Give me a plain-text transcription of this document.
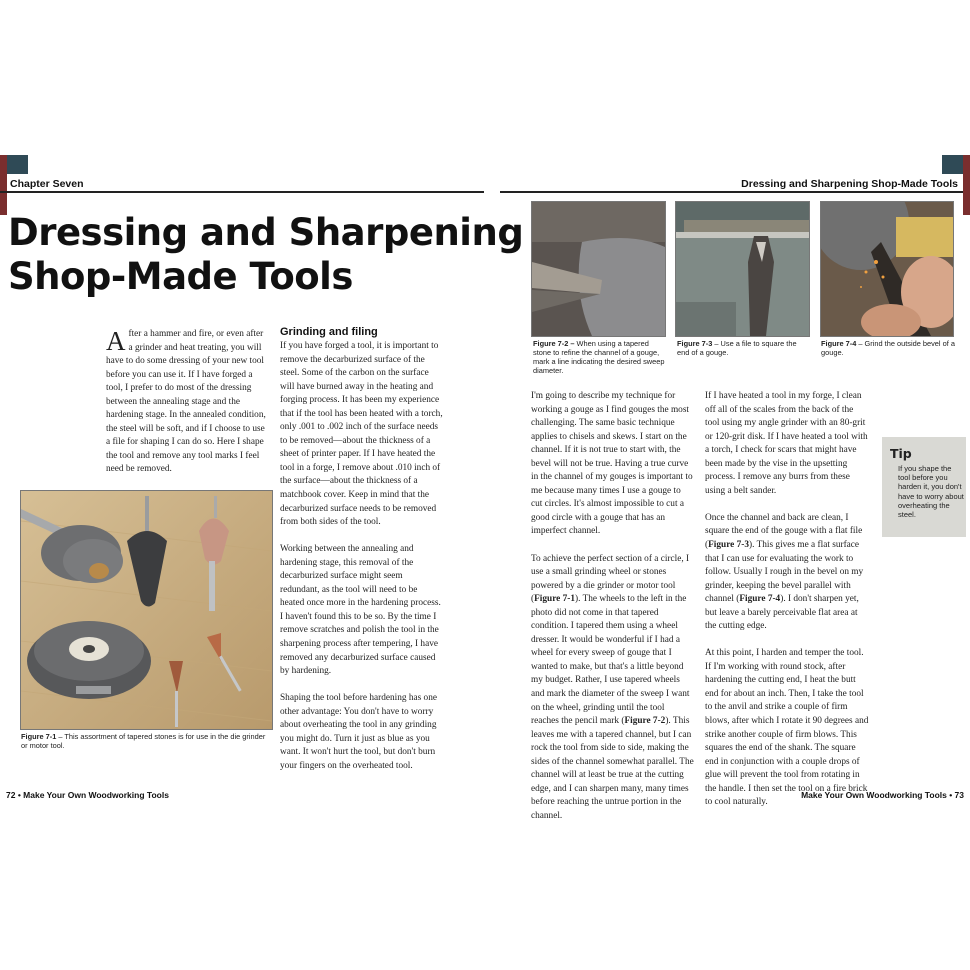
Chapter Seven	Dressing and Sharpening Shop-Made Tools
Dressing and Sharpening
Shop-Made Tools

After a hammer and fire, or even after a grinder and heat treating, you will have to do some dressing of your new tool before you can use it. If I have forged a tool, I prefer to do most of the dressing between the annealing stage and the hardening stage. In the annealed condition, the steel will be soft, and if I choose to use a file for shaping I can do so. Here I shape the tool and remove any tool marks I feel need be removed.

Figure 7-1 – This assortment of tapered stones is for use in the die grinder or motor tool.
Grinding and filing

If you have forged a tool, it is important to remove the decarburized surface of the steel. Some of the carbon on the surface will have burned away in the heating and forging process. It has been my experience that if the tool has been heated with a torch, only .001 to .002 inch of the surface needs to be removed—about the thickness of a sheet of printer paper. If I have heated the tool in a forge, I remove about .010 inch of the surface—about the thickness of a matchbook cover. Keep in mind that the decarburized surface needs to be removed from both sides of the tool.

Working between the annealing and hardening stage, this removal of the decarburized surface might seem redundant, as the tool will need to be heated once more in the hardening process. I haven't found this to be so. By the time I remove scratches and polish the tool in the sharpening process after tempering, I have removed any decarburized surface caused by hardening.

Shaping the tool before hardening has one other advantage: You don't have to worry about overheating the tool in any grinding you might do. Turn it just as blue as you want. It won't hurt the tool, but don't burn your fingers on the overheated tool.

Figure 7-2 – When using a tapered stone to refine the channel of a gouge, mark a line indicating the desired sweep diameter.
Figure 7-3 – Use a file to square the end of a gouge.
Figure 7-4 – Grind the outside bevel of a gouge.

I'm going to describe my technique for working a gouge as I find gouges the most challenging. The same basic technique applies to chisels and skews. I start on the channel. If it is not true to start with, the bevel will not be true. Having a true curve in the channel of my gouges is important to me because many times I use a gouge to cut circles. It's almost impossible to cut a good circle with a gouge that has an imperfect channel.

To achieve the perfect section of a circle, I use a small grinding wheel or stones powered by a die grinder or motor tool (Figure 7-1). The wheels to the left in the photo did not come in that tapered condition. I tapered them using a wheel dresser. It would be wonderful if I had a wheel for every sweep of gouge that I wanted to make, but that's a little beyond my budget. Rather, I use tapered wheels and mark the diameter of the sweep I want on the wheel, grinding until the tool reaches the pencil mark (Figure 7-2). This leaves me with a tapered channel, but I can rock the tool from side to side, making the sides of the channel somewhat parallel. The channel will at least be true at the cutting edge, and I can sharpen many, many times before reaching the untrue portion in the channel.

If I have heated a tool in my forge, I clean off all of the scales from the back of the tool using my angle grinder with an 80-grit or 120-grit disk. If I have heated a tool with a torch, I check for scars that might have been made by the vise in the upsetting process. I remove any burrs from these using a belt sander.

Once the channel and back are clean, I square the end of the gouge with a flat file (Figure 7-3). This gives me a flat surface that I can use for evaluating the work to follow. Usually I rough in the bevel on my grinder, keeping the bevel parallel with channel (Figure 7-4). I don't sharpen yet, but leave a barely perceivable flat area at the cutting edge.

At this point, I harden and temper the tool. If I'm working with round stock, after hardening the cutting end, I heat the butt end for about an inch. Then, I take the tool to the anvil and strike a couple of firm blows, after which I rotate it 90 degrees and strike another couple of firm blows. This squares the end of the shank. The square end in conjunction with a couple drops of glue will prevent the tool from rotating in the handle. I then set the tool on a fire brick to cool naturally.

Tip
If you shape the tool before you harden it, you don't have to worry about overheating the steel.
72 • Make Your Own Woodworking Tools	Make Your Own Woodworking Tools • 73
